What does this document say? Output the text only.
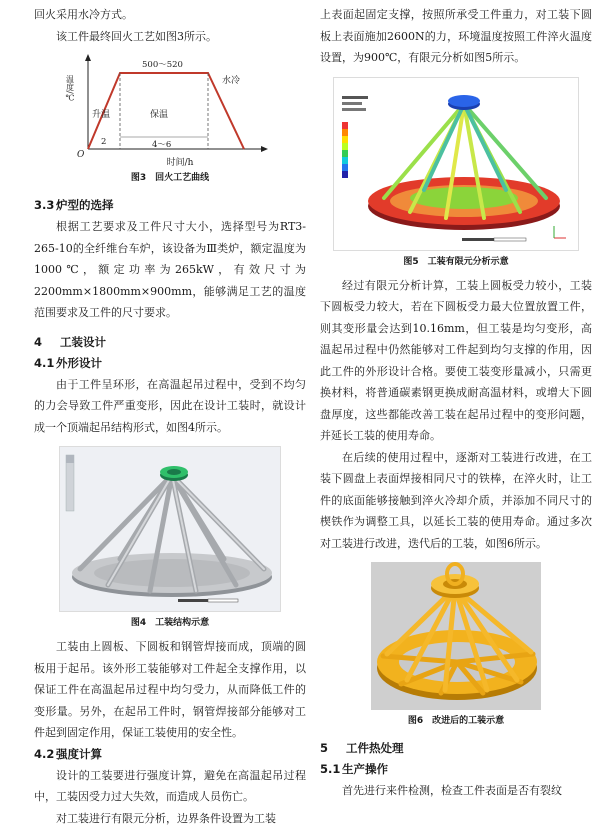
回火采用水冷方式。

该工件最终回火工艺如图3所示。

温度/℃
O
500～520
升温	保温
水冷
2	4～6

时间/h

图3　回火工艺曲线

3.3 炉型的选择

根据工艺要求及工件尺寸大小，选择型号为RT3-265-10的全纤维台车炉，该设备为Ⅲ类炉，额定温度为1000℃，额定功率为265kW，有效尺寸为2200mm×1800mm×900mm，能够满足工艺的温度范围要求及工件的尺寸要求。

4 工装设计
4.1 外形设计

由于工件呈环形，在高温起吊过程中，受到不均匀的力会导致工件严重变形，因此在设计工装时，就设计成一个顶端起吊结构形式，如图4所示。

图4　工装结构示意

工装由上圆板、下圆板和钢管焊接而成，顶端的圆板用于起吊。该外形工装能够对工件起全支撑作用，以保证工件在高温起吊过程中均匀受力，从而降低工件的变形量。另外，在起吊工件时，钢管焊接部分能够对工件起到固定作用，保证工装使用的安全性。

4.2 强度计算

设计的工装要进行强度计算，避免在高温起吊过程中，工装因受力过大失效，而造成人员伤亡。

对工装进行有限元分析，边界条件设置为工装

上表面起固定支撑，按照所承受工件重力，对工装下圆板上表面施加2600N的力，环境温度按照工件淬火温度设置，为900℃，有限元分析如图5所示。

图5　工装有限元分析示意

经过有限元分析计算，工装上圆板受力较小，工装下圆板受力较大，若在下圆板受力最大位置放置工件，则其变形量会达到10.16mm，但工装是均匀变形，高温起吊过程中仍然能够对工件起到均匀支撑的作用，因此工件的外形设计合格。要使工装变形量减小，只需更换材料，将普通碳素钢更换成耐高温材料，或增大下圆盘厚度，这些都能改善工装在起吊过程中的变形问题，并延长工装的使用寿命。

在后续的使用过程中，逐渐对工装进行改进，在工装下圆盘上表面焊接相同尺寸的铁棒，在淬火时，让工件的底面能够接触到淬火冷却介质，并添加不同尺寸的楔铁作为调整工具，以延长工装的使用寿命。通过多次对工装进行改进，迭代后的工装，如图6所示。

图6　改进后的工装示意

5 工件热处理
5.1 生产操作

首先进行来件检测，检查工件表面是否有裂纹
